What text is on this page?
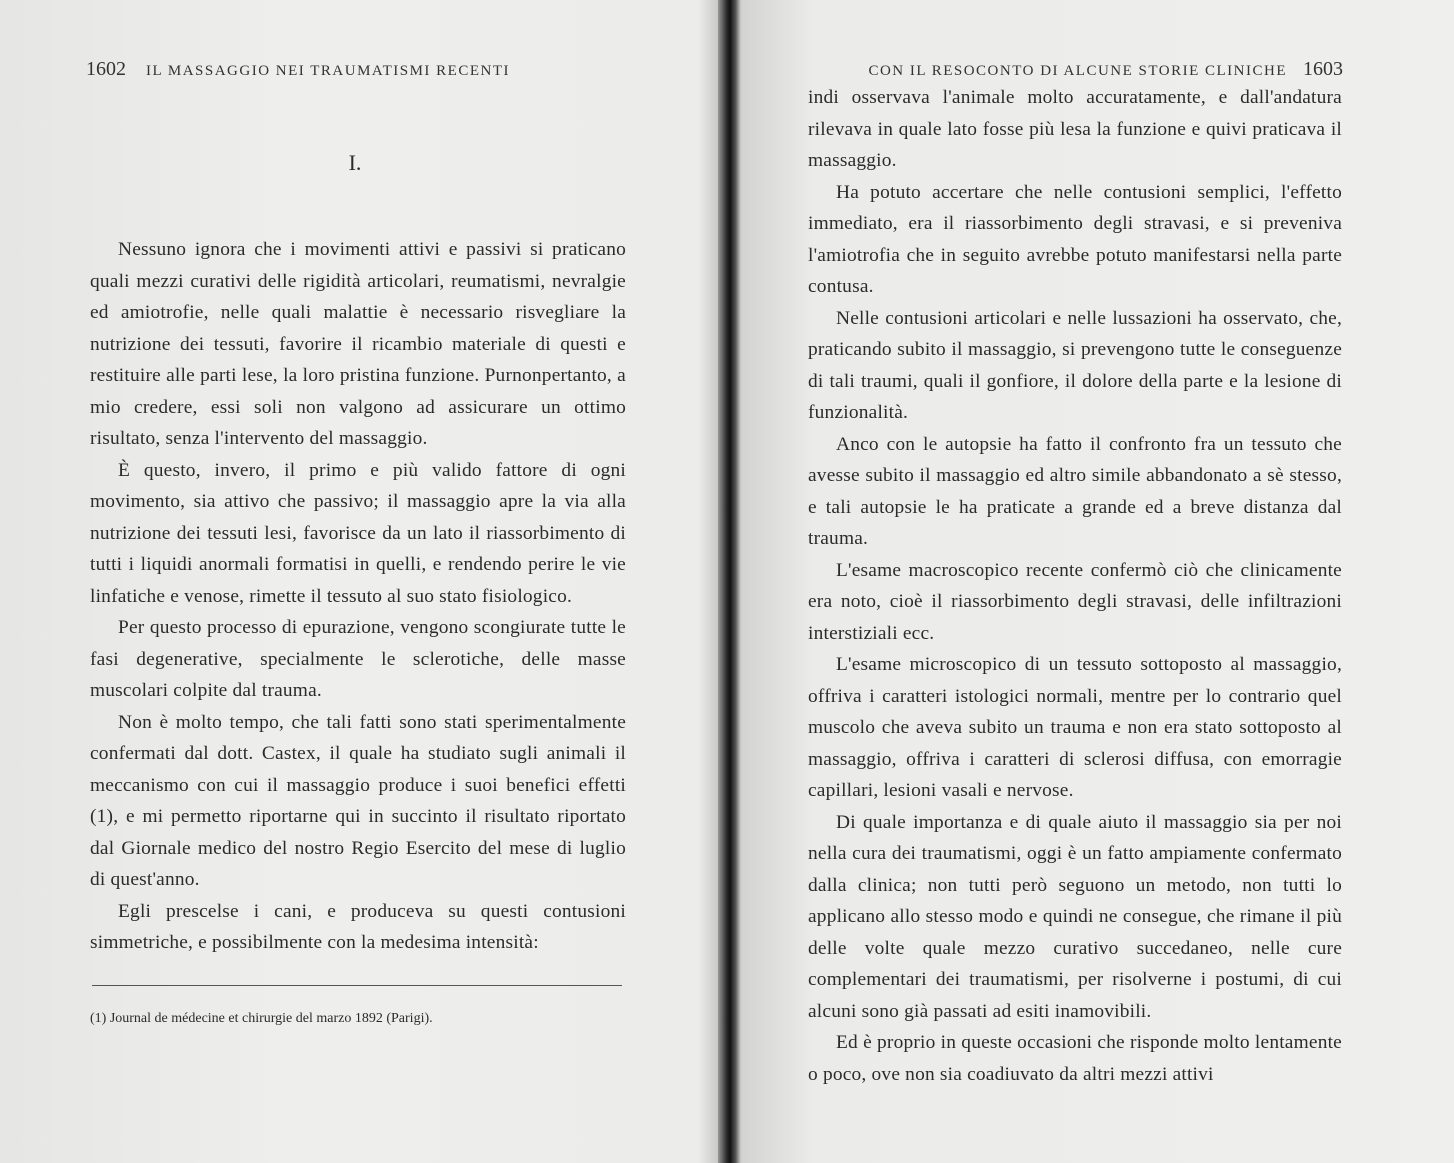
1602 IL MASSAGGIO NEI TRAUMATISMI RECENTI
I.

Nessuno ignora che i movimenti attivi e passivi si praticano quali mezzi curativi delle rigidità articolari, reumatismi, nevralgie ed amiotrofie, nelle quali malattie è necessario risvegliare la nutrizione dei tessuti, favorire il ricambio materiale di questi e restituire alle parti lese, la loro pristina funzione. Purnonpertanto, a mio credere, essi soli non valgono ad assicurare un ottimo risultato, senza l'intervento del massaggio.

È questo, invero, il primo e più valido fattore di ogni movimento, sia attivo che passivo; il massaggio apre la via alla nutrizione dei tessuti lesi, favorisce da un lato il riassorbimento di tutti i liquidi anormali formatisi in quelli, e rendendo perire le vie linfatiche e venose, rimette il tessuto al suo stato fisiologico.

Per questo processo di epurazione, vengono scongiurate tutte le fasi degenerative, specialmente le sclerotiche, delle masse muscolari colpite dal trauma.

Non è molto tempo, che tali fatti sono stati sperimentalmente confermati dal dott. Castex, il quale ha studiato sugli animali il meccanismo con cui il massaggio produce i suoi benefici effetti (1), e mi permetto riportarne qui in succinto il risultato riportato dal Giornale medico del nostro Regio Esercito del mese di luglio di quest'anno.

Egli prescelse i cani, e produceva su questi contusioni simmetriche, e possibilmente con la medesima intensità:

(1) Journal de médecine et chirurgie del marzo 1892 (Parigi).
CON IL RESOCONTO DI ALCUNE STORIE CLINICHE 1603

indi osservava l'animale molto accuratamente, e dall'andatura rilevava in quale lato fosse più lesa la funzione e quivi praticava il massaggio.

Ha potuto accertare che nelle contusioni semplici, l'effetto immediato, era il riassorbimento degli stravasi, e si preveniva l'amiotrofia che in seguito avrebbe potuto manifestarsi nella parte contusa.

Nelle contusioni articolari e nelle lussazioni ha osservato, che, praticando subito il massaggio, si prevengono tutte le conseguenze di tali traumi, quali il gonfiore, il dolore della parte e la lesione di funzionalità.

Anco con le autopsie ha fatto il confronto fra un tessuto che avesse subito il massaggio ed altro simile abbandonato a sè stesso, e tali autopsie le ha praticate a grande ed a breve distanza dal trauma.

L'esame macroscopico recente confermò ciò che clinicamente era noto, cioè il riassorbimento degli stravasi, delle infiltrazioni interstiziali ecc.

L'esame microscopico di un tessuto sottoposto al massaggio, offriva i caratteri istologici normali, mentre per lo contrario quel muscolo che aveva subito un trauma e non era stato sottoposto al massaggio, offriva i caratteri di sclerosi diffusa, con emorragie capillari, lesioni vasali e nervose.

Di quale importanza e di quale aiuto il massaggio sia per noi nella cura dei traumatismi, oggi è un fatto ampiamente confermato dalla clinica; non tutti però seguono un metodo, non tutti lo applicano allo stesso modo e quindi ne consegue, che rimane il più delle volte quale mezzo curativo succedaneo, nelle cure complementari dei traumatismi, per risolverne i postumi, di cui alcuni sono già passati ad esiti inamovibili.

Ed è proprio in queste occasioni che risponde molto lentamente o poco, ove non sia coadiuvato da altri mezzi attivi
